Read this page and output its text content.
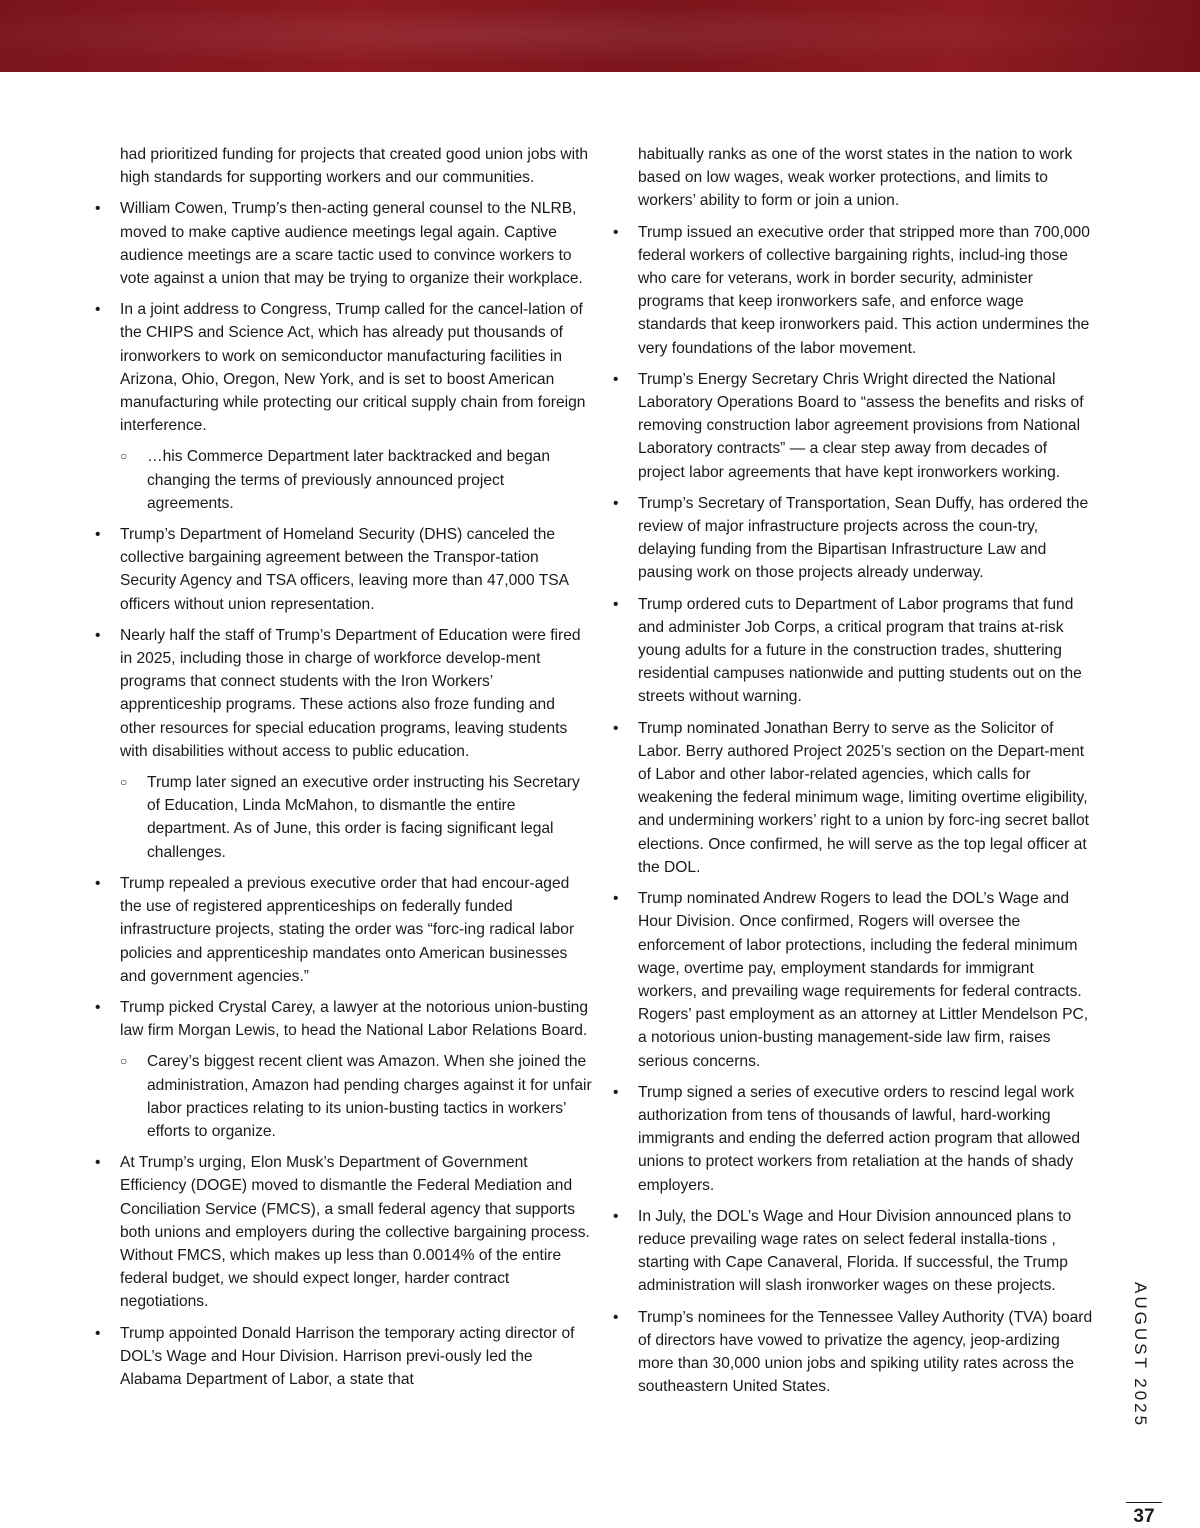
had prioritized funding for projects that created good union jobs with high standards for supporting workers and our communities.

• William Cowen, Trump’s then-acting general counsel to the NLRB, moved to make captive audience meetings legal again. Captive audience meetings are a scare tactic used to convince workers to vote against a union that may be trying to organize their workplace.
• In a joint address to Congress, Trump called for the cancel-lation of the CHIPS and Science Act, which has already put thousands of ironworkers to work on semiconductor manufacturing facilities in Arizona, Ohio, Oregon, New York, and is set to boost American manufacturing while protecting our critical supply chain from foreign interference.
○ …his Commerce Department later backtracked and began changing the terms of previously announced project agreements.
• Trump’s Department of Homeland Security (DHS) canceled the collective bargaining agreement between the Transpor-tation Security Agency and TSA officers, leaving more than 47,000 TSA officers without union representation.
• Nearly half the staff of Trump’s Department of Education were fired in 2025, including those in charge of workforce develop-ment programs that connect students with the Iron Workers’ apprenticeship programs. These actions also froze funding and other resources for special education programs, leaving students with disabilities without access to public education.
○ Trump later signed an executive order instructing his Secretary of Education, Linda McMahon, to dismantle the entire department. As of June, this order is facing significant legal challenges.
• Trump repealed a previous executive order that had encour-aged the use of registered apprenticeships on federally funded infrastructure projects, stating the order was “forc-ing radical labor policies and apprenticeship mandates onto American businesses and government agencies.”
• Trump picked Crystal Carey, a lawyer at the notorious union-busting law firm Morgan Lewis, to head the National Labor Relations Board.
○ Carey’s biggest recent client was Amazon. When she joined the administration, Amazon had pending charges against it for unfair labor practices relating to its union-busting tactics in workers’ efforts to organize.
• At Trump’s urging, Elon Musk’s Department of Government Efficiency (DOGE) moved to dismantle the Federal Mediation and Conciliation Service (FMCS), a small federal agency that supports both unions and employers during the collective bargaining process. Without FMCS, which makes up less than 0.0014% of the entire federal budget, we should expect longer, harder contract negotiations.
• Trump appointed Donald Harrison the temporary acting director of DOL’s Wage and Hour Division. Harrison previ-ously led the Alabama Department of Labor, a state that

habitually ranks as one of the worst states in the nation to work based on low wages, weak worker protections, and limits to workers’ ability to form or join a union.

• Trump issued an executive order that stripped more than 700,000 federal workers of collective bargaining rights, includ-ing those who care for veterans, work in border security, administer programs that keep ironworkers safe, and enforce wage standards that keep ironworkers paid. This action undermines the very foundations of the labor movement.
• Trump’s Energy Secretary Chris Wright directed the National Laboratory Operations Board to “assess the benefits and risks of removing construction labor agreement provisions from National Laboratory contracts” — a clear step away from decades of project labor agreements that have kept ironworkers working.
• Trump’s Secretary of Transportation, Sean Duffy, has ordered the review of major infrastructure projects across the coun-try, delaying funding from the Bipartisan Infrastructure Law and pausing work on those projects already underway.
• Trump ordered cuts to Department of Labor programs that fund and administer Job Corps, a critical program that trains at-risk young adults for a future in the construction trades, shuttering residential campuses nationwide and putting students out on the streets without warning.
• Trump nominated Jonathan Berry to serve as the Solicitor of Labor. Berry authored Project 2025’s section on the Depart-ment of Labor and other labor-related agencies, which calls for weakening the federal minimum wage, limiting overtime eligibility, and undermining workers’ right to a union by forc-ing secret ballot elections. Once confirmed, he will serve as the top legal officer at the DOL.
• Trump nominated Andrew Rogers to lead the DOL’s Wage and Hour Division. Once confirmed, Rogers will oversee the enforcement of labor protections, including the federal minimum wage, overtime pay, employment standards for immigrant workers, and prevailing wage requirements for federal contracts. Rogers’ past employment as an attorney at Littler Mendelson PC, a notorious union-busting management-side law firm, raises serious concerns.
• Trump signed a series of executive orders to rescind legal work authorization from tens of thousands of lawful, hard-working immigrants and ending the deferred action program that allowed unions to protect workers from retaliation at the hands of shady employers.
• In July, the DOL’s Wage and Hour Division announced plans to reduce prevailing wage rates on select federal installa-tions , starting with Cape Canaveral, Florida. If successful, the Trump administration will slash ironworker wages on these projects.
• Trump’s nominees for the Tennessee Valley Authority (TVA) board of directors have vowed to privatize the agency, jeop-ardizing more than 30,000 union jobs and spiking utility rates across the southeastern United States.	AUGUST 2025
37
